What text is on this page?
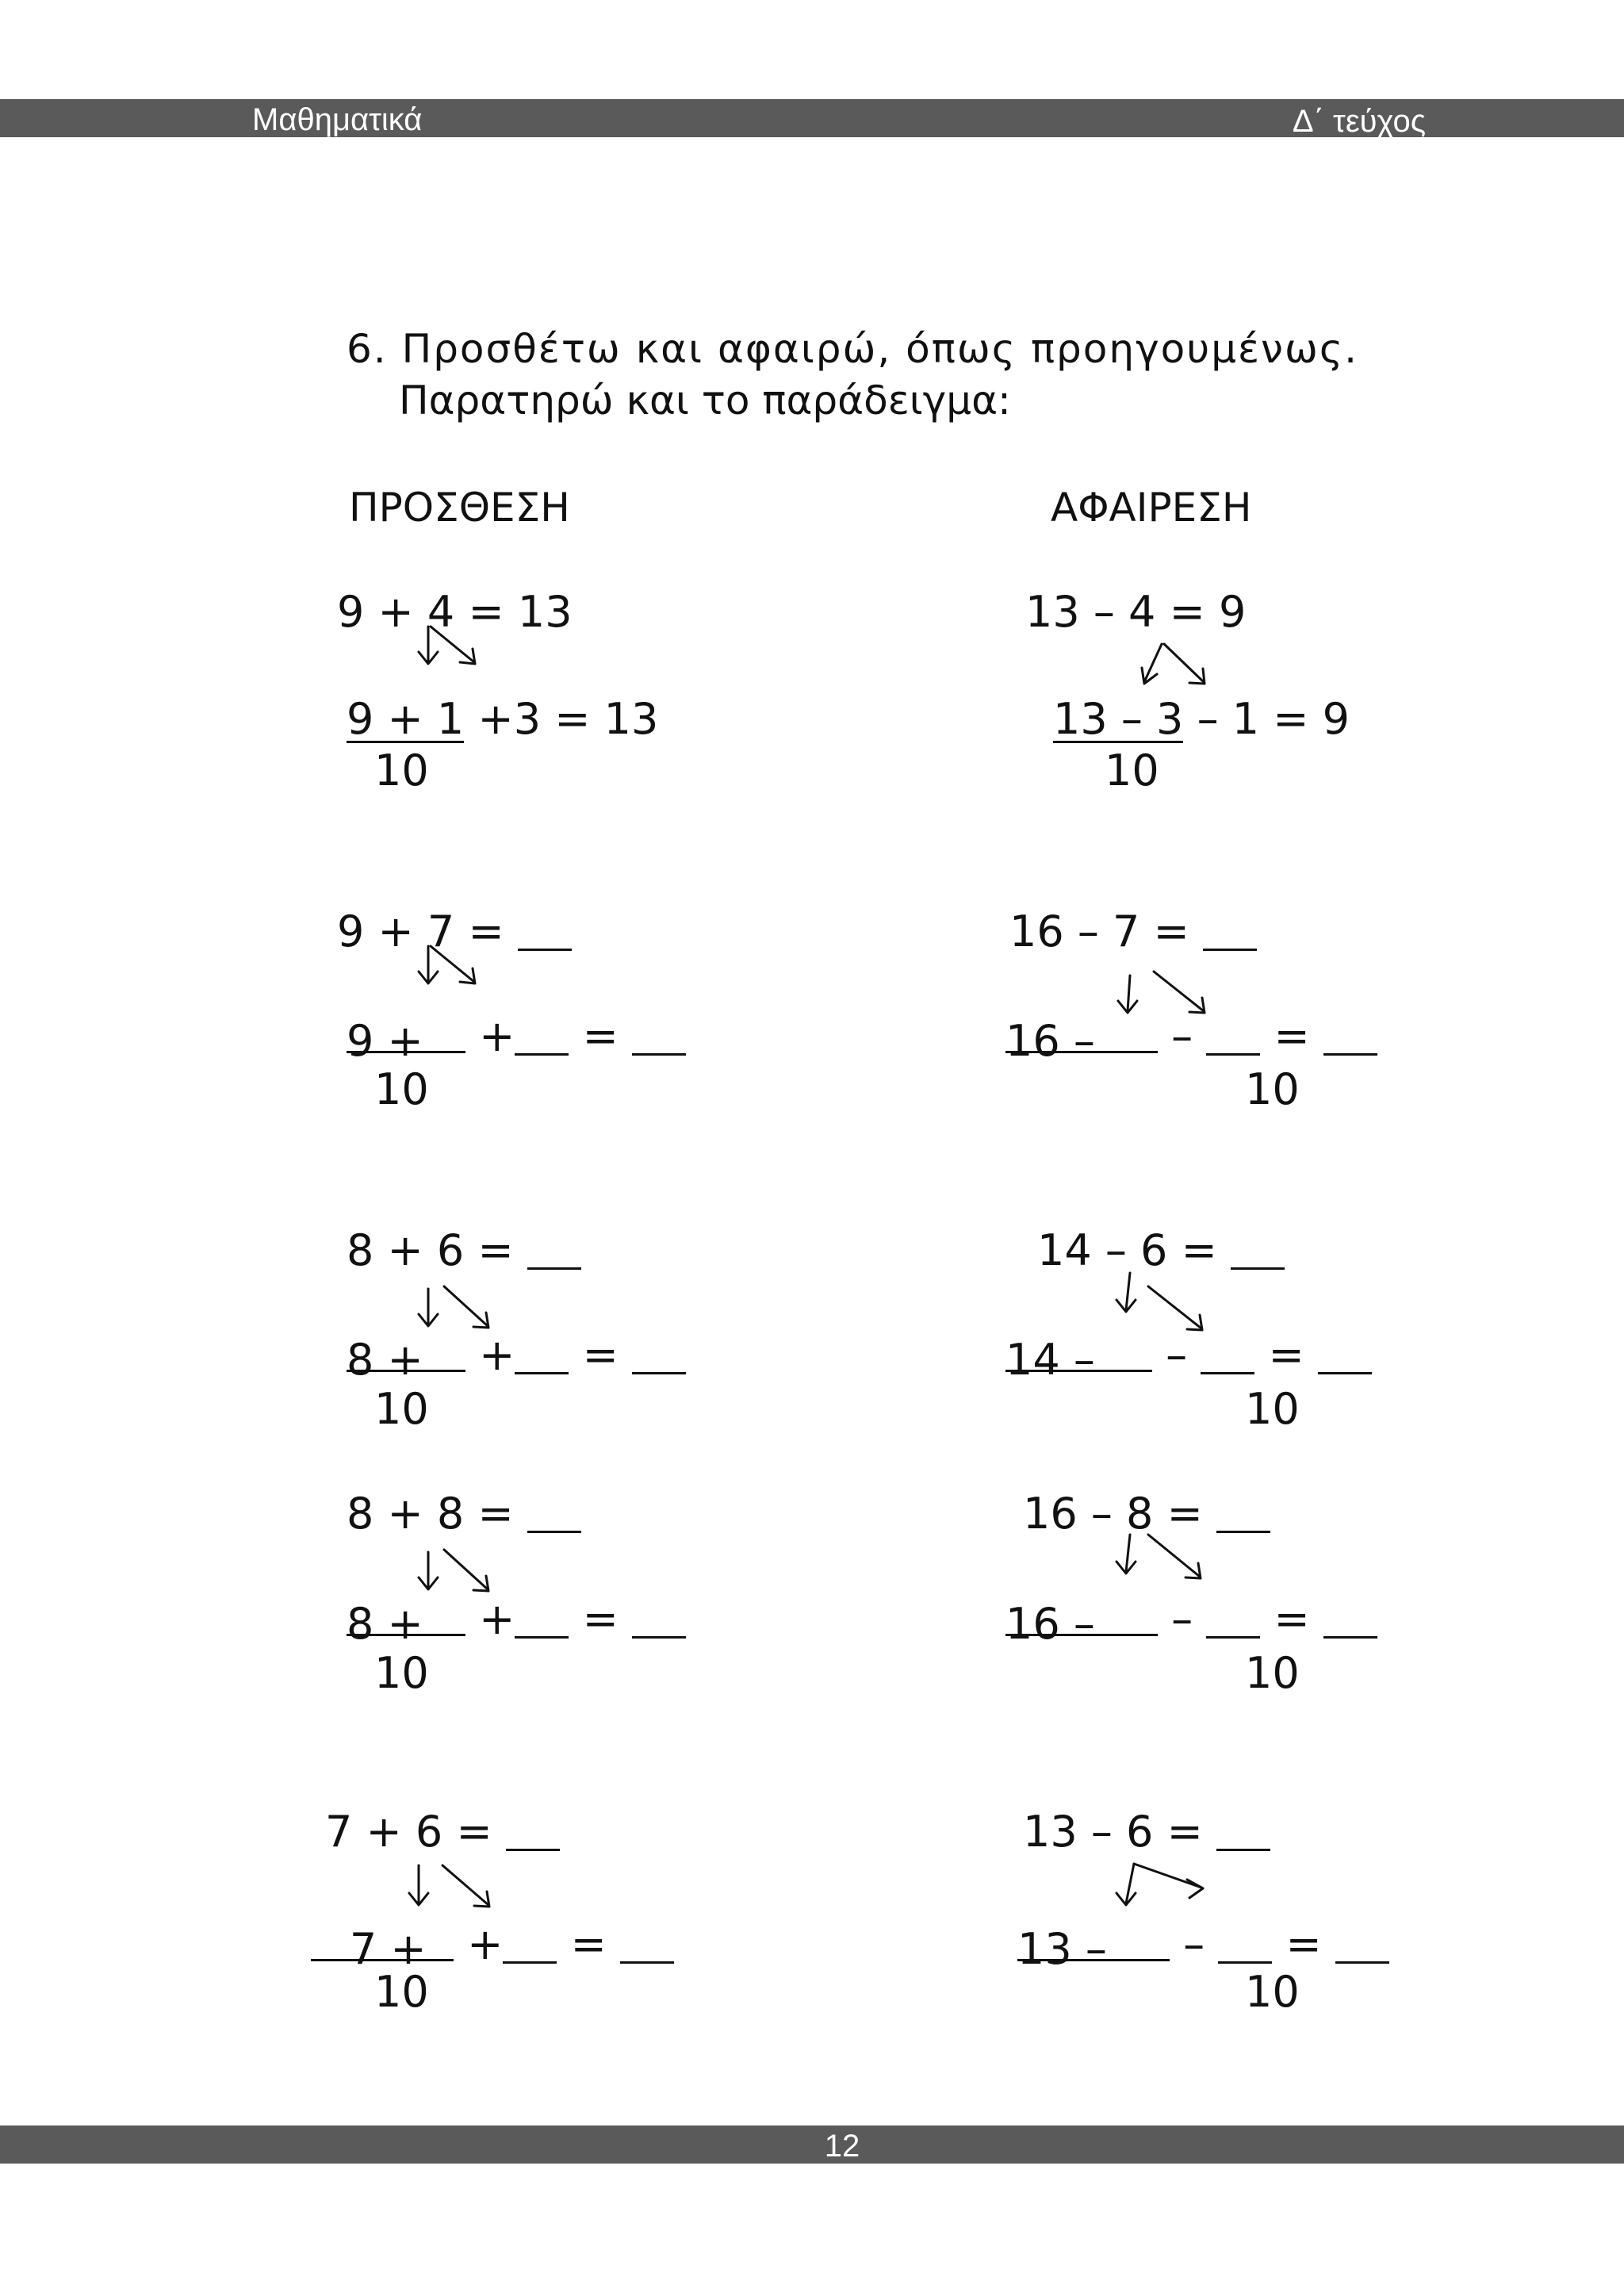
Μαθηματικά	Δ΄ τεύχος
12
6. Προσθέτω και αφαιρώ, όπως προηγουμένως.
Παρατηρώ και το παράδειγμα:
ΠΡΟΣΘΕΣΗ	ΑΦΑΙΡΕΣΗ
9 + 4 = 13
9 + 1 +3 = 13
10
13 – 4 = 9
13 – 3 – 1 = 9
10
9 + 7 =
9 + + =
10
16 – 7 =
16 – – =
10
8 + 6 =
8 + + =
10
14 – 6 =
14 – – =
10
8 + 8 =
8 + + =
10
16 – 8 =
16 – – =
10
7 + 6 =
7 + + =
10
13 – 6 =
13 – – =
10
